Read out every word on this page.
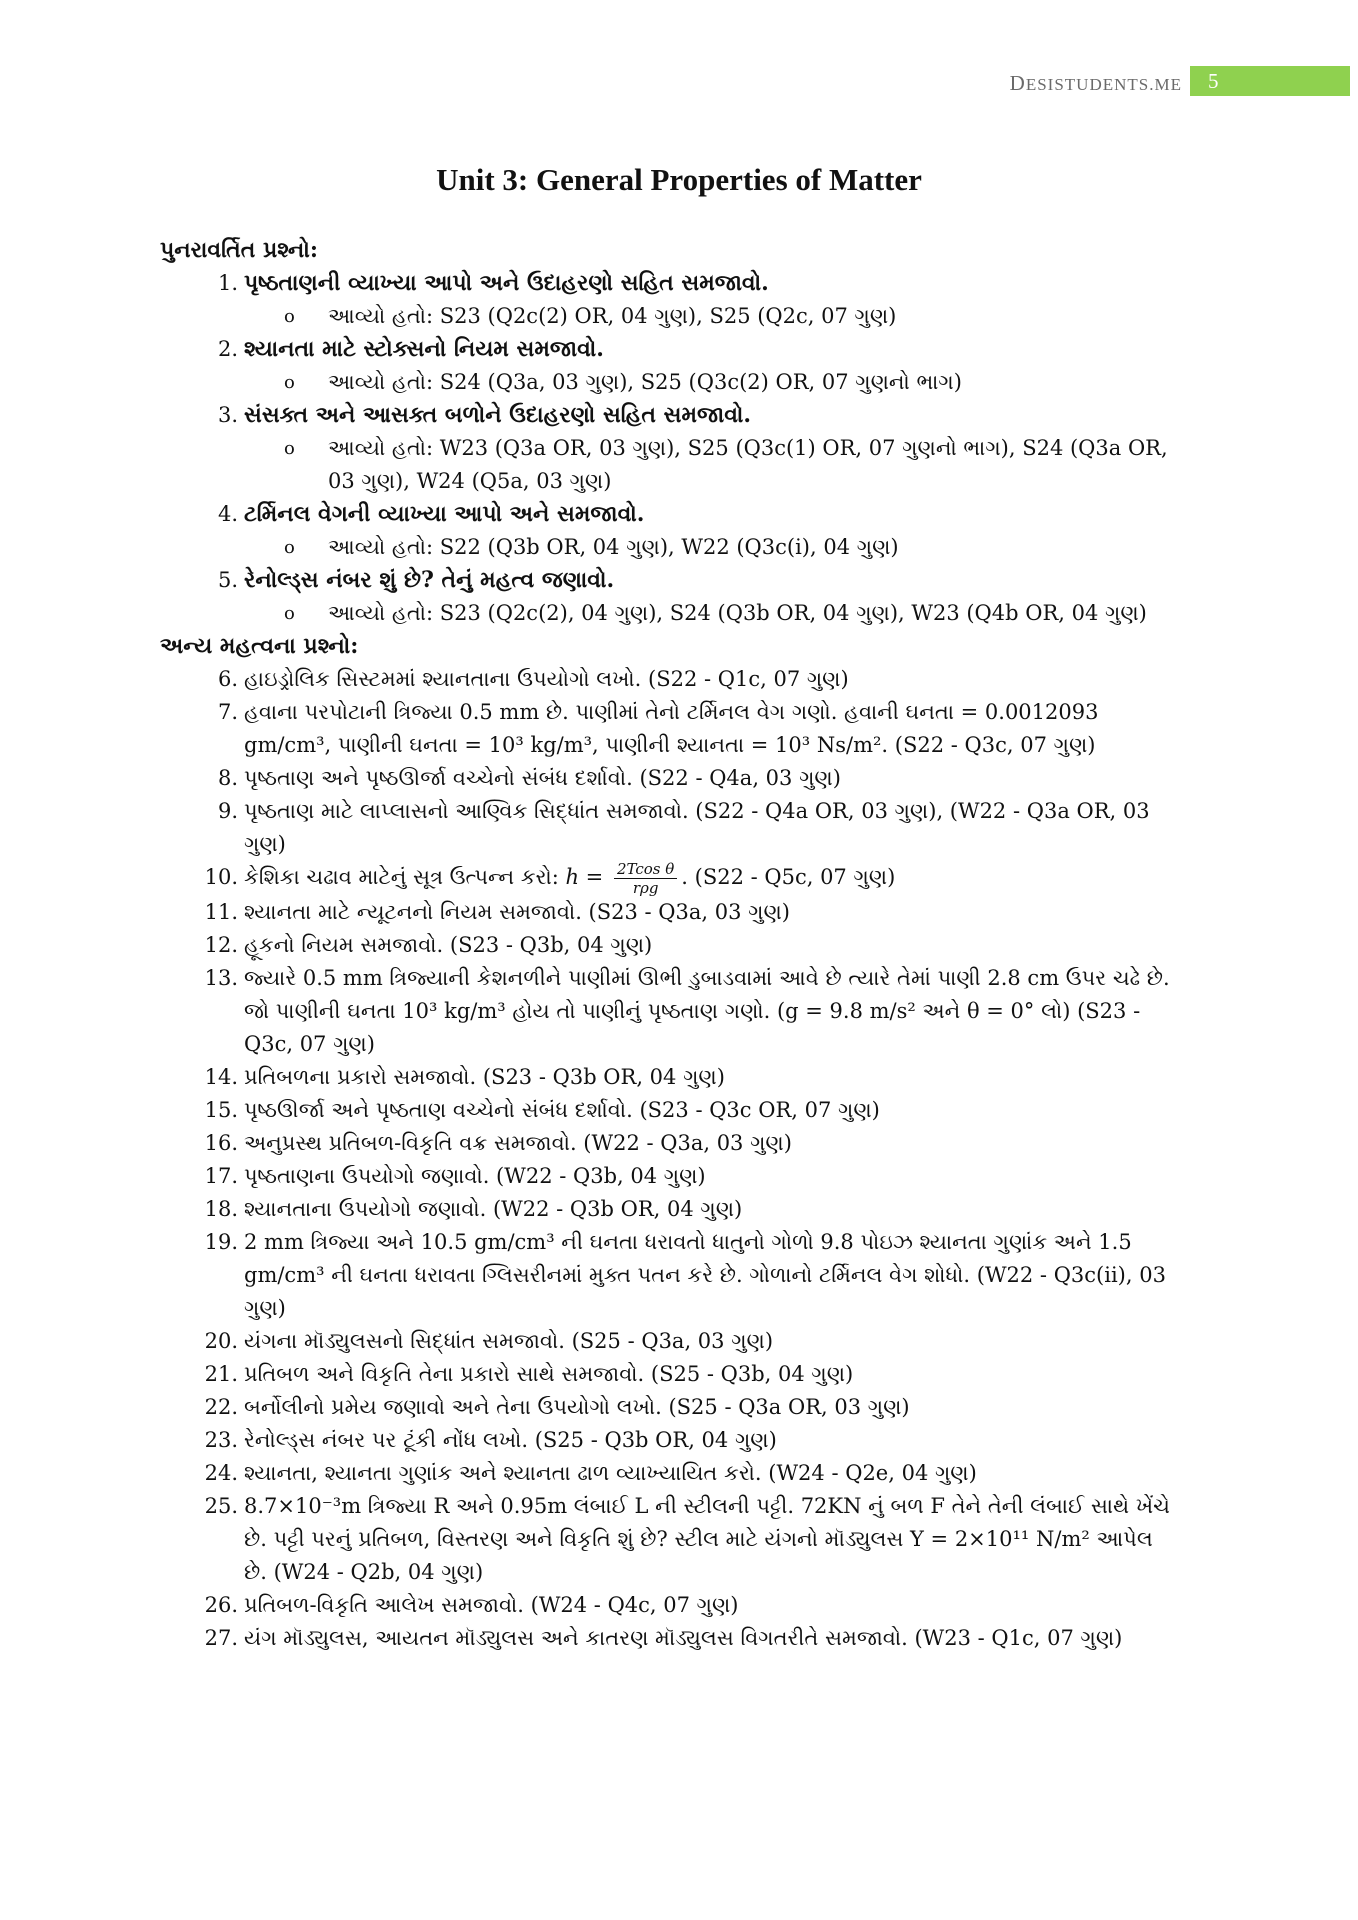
DESISTUDENTS.ME	5
Unit 3: General Properties of Matter

પુનરાવર્તિત પ્રશ્નો:

1. પૃષ્ઠતાણની વ્યાખ્યા આપો અને ઉદાહરણો સહિત સમજાવો.

o આવ્યો હતો: S23 (Q2c(2) OR, 04 ગુણ), S25 (Q2c, 07 ગુણ)

2. શ્યાનતા માટે સ્ટોક્સનો નિયમ સમજાવો.

o આવ્યો હતો: S24 (Q3a, 03 ગુણ), S25 (Q3c(2) OR, 07 ગુણનો ભાગ)

3. સંસક્ત અને આસક્ત બળોને ઉદાહરણો સહિત સમજાવો.

o આવ્યો હતો: W23 (Q3a OR, 03 ગુણ), S25 (Q3c(1) OR, 07 ગુણનો ભાગ), S24 (Q3a OR, 03 ગુણ), W24 (Q5a, 03 ગુણ)

4. ટર્મિનલ વેગની વ્યાખ્યા આપો અને સમજાવો.

o આવ્યો હતો: S22 (Q3b OR, 04 ગુણ), W22 (Q3c(i), 04 ગુણ)

5. રેનોલ્ડ્સ નંબર શું છે? તેનું મહત્વ જણાવો.

o આવ્યો હતો: S23 (Q2c(2), 04 ગુણ), S24 (Q3b OR, 04 ગુણ), W23 (Q4b OR, 04 ગુણ)

અન્ય મહત્વના પ્રશ્નો:

6. હાઇડ્રોલિક સિસ્ટમમાં શ્યાનતાના ઉપયોગો લખો. (S22 - Q1c, 07 ગુણ)

7. હવાના પરપોટાની ત્રિજ્યા 0.5 mm છે. પાણીમાં તેનો ટર્મિનલ વેગ ગણો. હવાની ઘનતા = 0.0012093 gm/cm³, પાણીની ઘનતા = 10³ kg/m³, પાણીની શ્યાનતા = 10³ Ns/m². (S22 - Q3c, 07 ગુણ)

8. પૃષ્ઠતાણ અને પૃષ્ઠઊર્જા વચ્ચેનો સંબંધ દર્શાવો. (S22 - Q4a, 03 ગુણ)

9. પૃષ્ઠતાણ માટે લાપ્લાસનો આણ્વિક સિદ્ધાંત સમજાવો. (S22 - Q4a OR, 03 ગુણ), (W22 - Q3a OR, 03 ગુણ)

10. કેશિકા ચઢાવ માટેનું સૂત્ર ઉત્પન્ન કરો: $h = \frac{\text{2Tcos θ}}{\text{rρg}}$ . (S22 - Q5c, 07 ગુણ)

11. શ્યાનતા માટે ન્યૂટનનો નિયમ સમજાવો. (S23 - Q3a, 03 ગુણ)

12. હૂકનો નિયમ સમજાવો. (S23 - Q3b, 04 ગુણ)

13. જ્યારે 0.5 mm ત્રિજ્યાની કેશનળીને પાણીમાં ઊભી ડુબાડવામાં આવે છે ત્યારે તેમાં પાણી 2.8 cm ઉપર ચઢે છે. જો પાણીની ઘનતા 10³ kg/m³ હોય તો પાણીનું પૃષ્ઠતાણ ગણો. (g = 9.8 m/s² અને θ = 0° લો) (S23 - Q3c, 07 ગુણ)

14. પ્રતિબળના પ્રકારો સમજાવો. (S23 - Q3b OR, 04 ગુણ)

15. પૃષ્ઠઊર્જા અને પૃષ્ઠતાણ વચ્ચેનો સંબંધ દર્શાવો. (S23 - Q3c OR, 07 ગુણ)

16. અનુપ્રસ્થ પ્રતિબળ-વિકૃતિ વક્ર સમજાવો. (W22 - Q3a, 03 ગુણ)

17. પૃષ્ઠતાણના ઉપયોગો જણાવો. (W22 - Q3b, 04 ગુણ)

18. શ્યાનતાના ઉપયોગો જણાવો. (W22 - Q3b OR, 04 ગુણ)

19. 2 mm ત્રિજ્યા અને 10.5 gm/cm³ ની ઘનતા ધરાવતો ધાતુનો ગોળો 9.8 પોઇઝ શ્યાનતા ગુણાંક અને 1.5 gm/cm³ ની ઘનતા ધરાવતા ગ્લિસરીનમાં મુક્ત પતન કરે છે. ગોળાનો ટર્મિનલ વેગ શોધો. (W22 - Q3c(ii), 03 ગુણ)

20. યંગના મૉડ્યુલસનો સિદ્ધાંત સમજાવો. (S25 - Q3a, 03 ગુણ)

21. પ્રતિબળ અને વિકૃતિ તેના પ્રકારો સાથે સમજાવો. (S25 - Q3b, 04 ગુણ)

22. બર્નોલીનો પ્રમેય જણાવો અને તેના ઉપયોગો લખો. (S25 - Q3a OR, 03 ગુણ)

23. રેનોલ્ડ્સ નંબર પર ટૂંકી નોંધ લખો. (S25 - Q3b OR, 04 ગુણ)

24. શ્યાનતા, શ્યાનતા ગુણાંક અને શ્યાનતા ઢાળ વ્યાખ્યાયિત કરો. (W24 - Q2e, 04 ગુણ)

25. 8.7×10⁻³m ત્રિજ્યા R અને 0.95m લંબાઈ L ની સ્ટીલની પટ્ટી. 72KN નું બળ F તેને તેની લંબાઈ સાથે ખેંચે છે. પટ્ટી પરનું પ્રતિબળ, વિસ્તરણ અને વિકૃતિ શું છે? સ્ટીલ માટે યંગનો મૉડ્યુલસ Y = 2×10¹¹ N/m² આપેલ છે. (W24 - Q2b, 04 ગુણ)

26. પ્રતિબળ-વિકૃતિ આલેખ સમજાવો. (W24 - Q4c, 07 ગુણ)

27. યંગ મૉડ્યુલસ, આયતન મૉડ્યુલસ અને કાતરણ મૉડ્યુલસ વિગતરીતે સમજાવો. (W23 - Q1c, 07 ગુણ)
